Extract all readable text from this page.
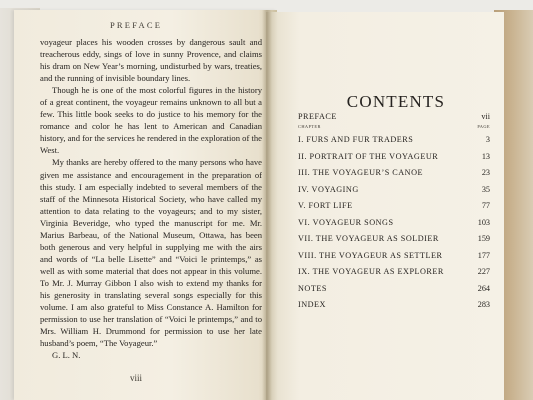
PREFACE

voyageur places his wooden crosses by dangerous sault and treacherous eddy, sings of love in sunny Provence, and claims his dram on New Year’s morning, undisturbed by wars, treaties, and the running of invisible boundary lines.

Though he is one of the most colorful figures in the history of a great continent, the voyageur remains unknown to all but a few. This little book seeks to do justice to his memory for the romance and color he has lent to American and Canadian history, and for the services he rendered in the exploration of the West.

My thanks are hereby offered to the many persons who have given me assistance and encouragement in the preparation of this study. I am especially indebted to several members of the staff of the Minnesota Historical Society, who have called my attention to data relating to the voyageurs; and to my sister, Virginia Beveridge, who typed the manuscript for me. Mr. Marius Barbeau, of the National Museum, Ottawa, has been both generous and very helpful in supplying me with the airs and words of “La belle Lisette” and “Voici le printemps,” as well as with some material that does not appear in this volume. To Mr. J. Murray Gibbon I also wish to extend my thanks for his generosity in translating several songs especially for this volume. I am also grateful to Miss Constance A. Hamilton for permission to use her translation of “Voici le printemps,” and to Mrs. William H. Drummond for permission to use her late husband’s poem, “The Voyageur.”

G. L. N.

viii
CONTENTS
PREFACE	vii
CHAPTER	PAGE
I. FURS AND FUR TRADERS	3
II. PORTRAIT OF THE VOYAGEUR	13
III. THE VOYAGEUR’S CANOE	23
IV. VOYAGING	35
V. FORT LIFE	77
VI. VOYAGEUR SONGS	103
VII. THE VOYAGEUR AS SOLDIER	159
VIII. THE VOYAGEUR AS SETTLER	177
IX. THE VOYAGEUR AS EXPLORER	227
NOTES	264
INDEX	283
